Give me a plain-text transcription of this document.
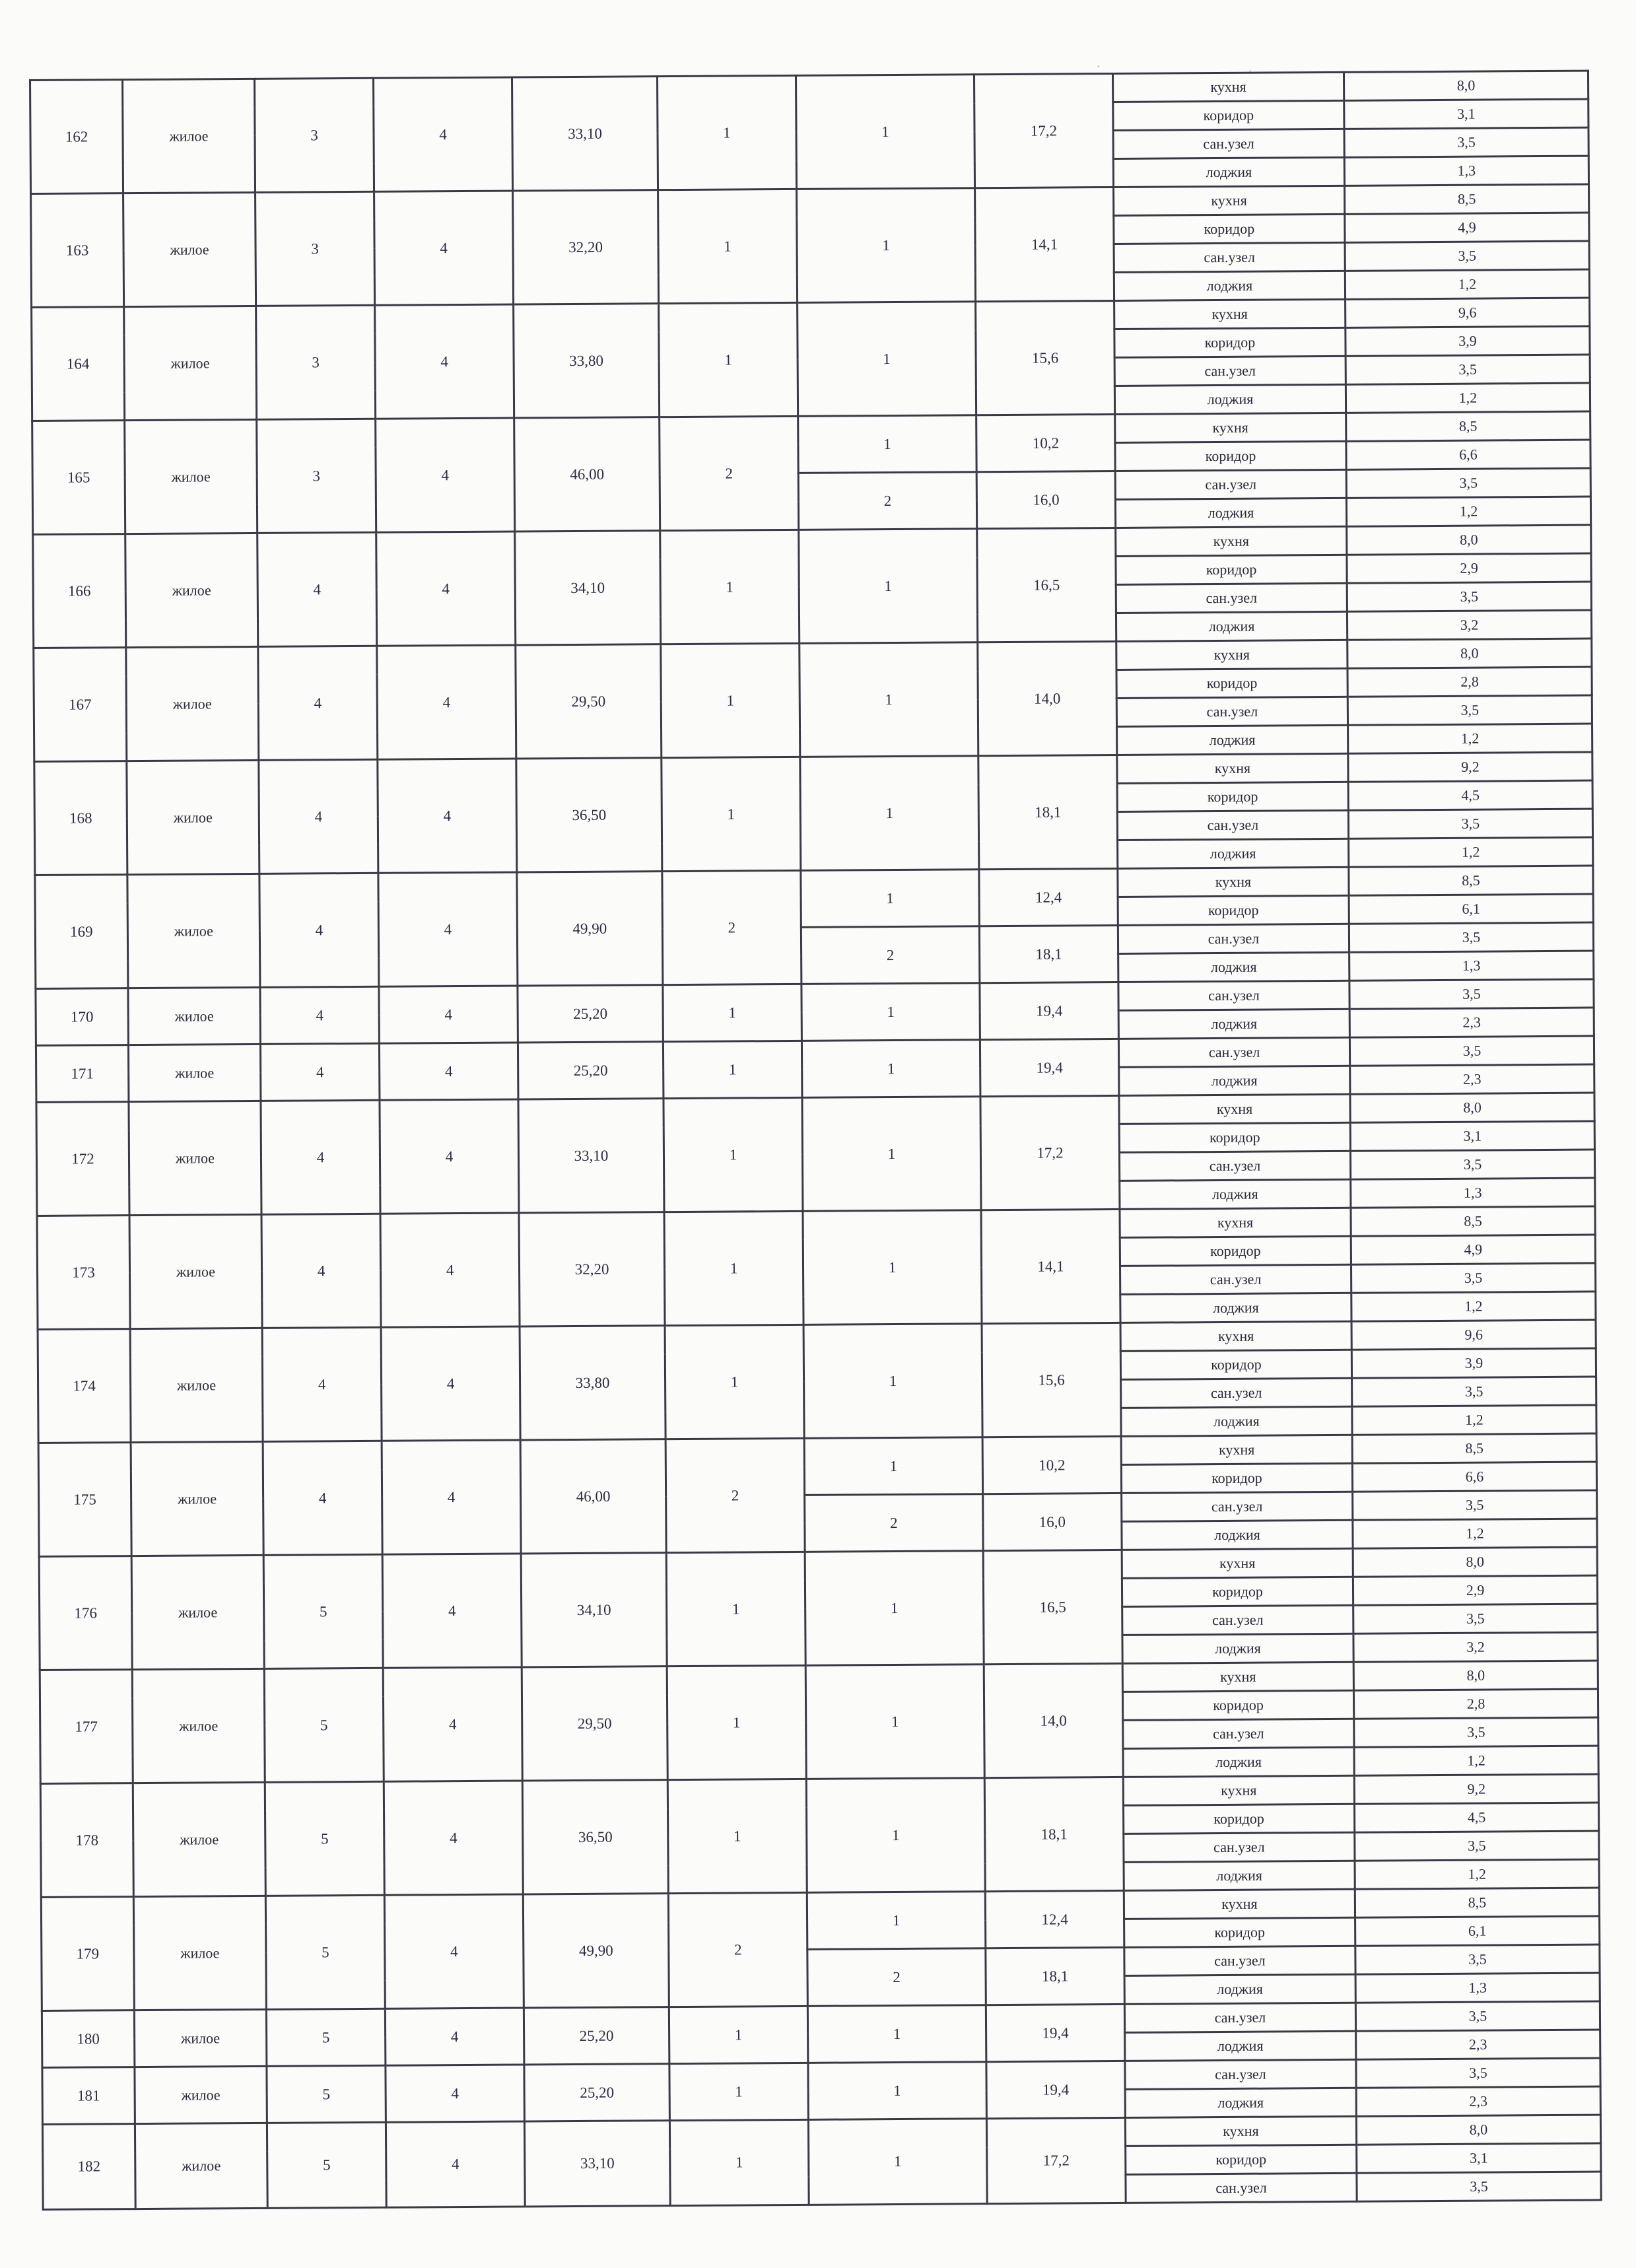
162	жилое	3	4	33,10	1	1	17,2	кухня	8,0
								коридор	3,1
								сан.узел	3,5
								лоджия	1,3
163	жилое	3	4	32,20	1	1	14,1	кухня	8,5
								коридор	4,9
								сан.узел	3,5
								лоджия	1,2
164	жилое	3	4	33,80	1	1	15,6	кухня	9,6
								коридор	3,9
								сан.узел	3,5
								лоджия	1,2
165	жилое	3	4	46,00	2	1	10,2	кухня	8,5
								коридор	6,6
						2	16,0	сан.узел	3,5
								лоджия	1,2
166	жилое	4	4	34,10	1	1	16,5	кухня	8,0
								коридор	2,9
								сан.узел	3,5
								лоджия	3,2
167	жилое	4	4	29,50	1	1	14,0	кухня	8,0
								коридор	2,8
								сан.узел	3,5
								лоджия	1,2
168	жилое	4	4	36,50	1	1	18,1	кухня	9,2
								коридор	4,5
								сан.узел	3,5
								лоджия	1,2
169	жилое	4	4	49,90	2	1	12,4	кухня	8,5
								коридор	6,1
						2	18,1	сан.узел	3,5
								лоджия	1,3
170	жилое	4	4	25,20	1	1	19,4	сан.узел	3,5
								лоджия	2,3
171	жилое	4	4	25,20	1	1	19,4	сан.узел	3,5
								лоджия	2,3
172	жилое	4	4	33,10	1	1	17,2	кухня	8,0
								коридор	3,1
								сан.узел	3,5
								лоджия	1,3
173	жилое	4	4	32,20	1	1	14,1	кухня	8,5
								коридор	4,9
								сан.узел	3,5
								лоджия	1,2
174	жилое	4	4	33,80	1	1	15,6	кухня	9,6
								коридор	3,9
								сан.узел	3,5
								лоджия	1,2
175	жилое	4	4	46,00	2	1	10,2	кухня	8,5
								коридор	6,6
						2	16,0	сан.узел	3,5
								лоджия	1,2
176	жилое	5	4	34,10	1	1	16,5	кухня	8,0
								коридор	2,9
								сан.узел	3,5
								лоджия	3,2
177	жилое	5	4	29,50	1	1	14,0	кухня	8,0
								коридор	2,8
								сан.узел	3,5
								лоджия	1,2
178	жилое	5	4	36,50	1	1	18,1	кухня	9,2
								коридор	4,5
								сан.узел	3,5
								лоджия	1,2
179	жилое	5	4	49,90	2	1	12,4	кухня	8,5
								коридор	6,1
						2	18,1	сан.узел	3,5
								лоджия	1,3
180	жилое	5	4	25,20	1	1	19,4	сан.узел	3,5
								лоджия	2,3
181	жилое	5	4	25,20	1	1	19,4	сан.узел	3,5
								лоджия	2,3
182	жилое	5	4	33,10	1	1	17,2	кухня	8,0
								коридор	3,1
								сан.узел	3,5
·
·
